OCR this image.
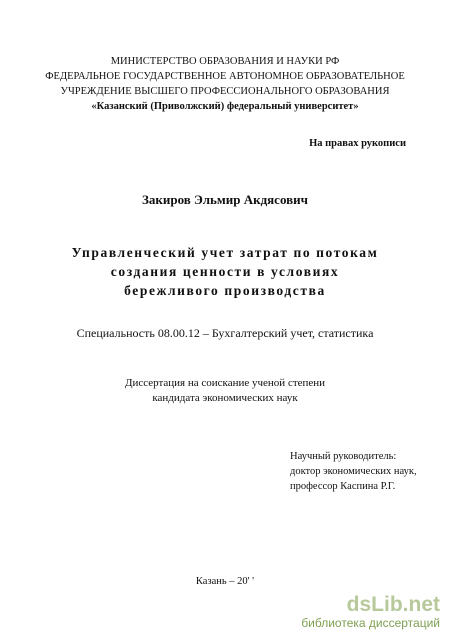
МИНИСТЕРСТВО ОБРАЗОВАНИЯ И НАУКИ РФ
ФЕДЕРАЛЬНОЕ ГОСУДАРСТВЕННОЕ АВТОНОМНОЕ ОБРАЗОВАТЕЛЬНОЕ
УЧРЕЖДЕНИЕ ВЫСШЕГО ПРОФЕССИОНАЛЬНОГО ОБРАЗОВАНИЯ
«Казанский (Приволжский) федеральный университет»
На правах рукописи
Закиров Эльмир Акдясович
Управленческий учет затрат по потокам
создания ценности в условиях
бережливого производства
Специальность 08.00.12 – Бухгалтерский учет, статистика
Диссертация на соискание ученой степени
кандидата экономических наук
Научный руководитель:
доктор экономических наук,
профессор Каспина Р.Г.
Казань – 20' '
dsLib.net
библиотека диссертаций
